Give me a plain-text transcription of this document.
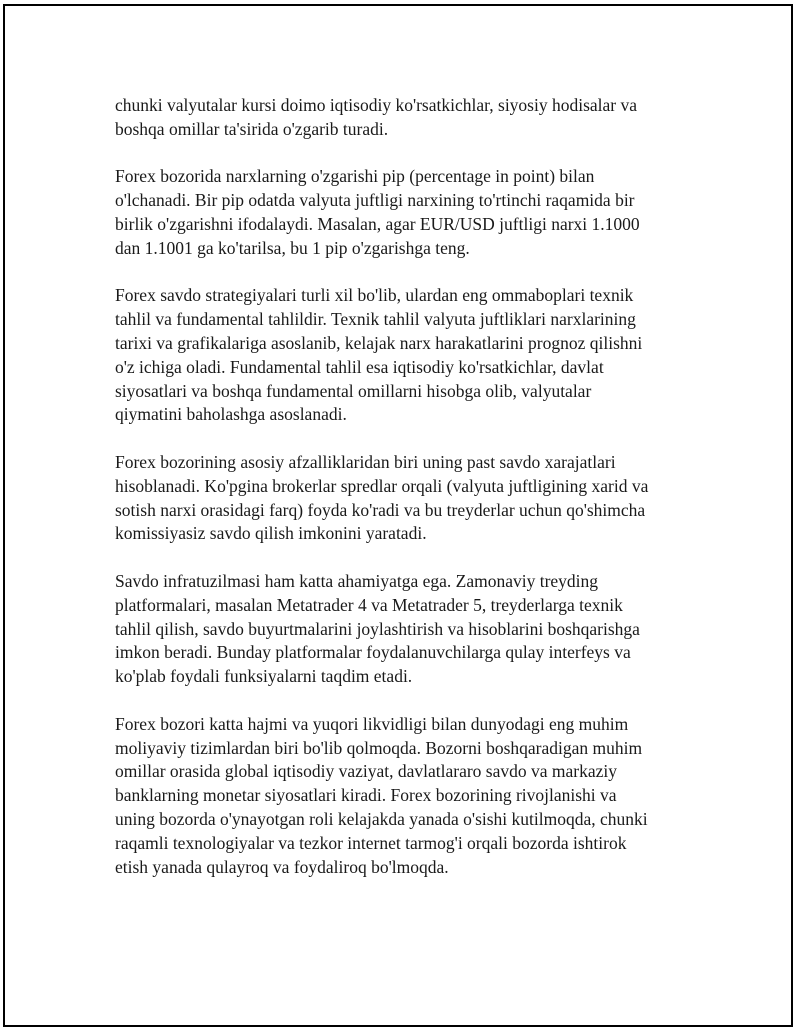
chunki valyutalar kursi doimo iqtisodiy ko'rsatkichlar, siyosiy hodisalar va
boshqa omillar ta'sirida o'zgarib turadi.

Forex bozorida narxlarning o'zgarishi pip (percentage in point) bilan
o'lchanadi. Bir pip odatda valyuta juftligi narxining to'rtinchi raqamida bir
birlik o'zgarishni ifodalaydi. Masalan, agar EUR/USD juftligi narxi 1.1000
dan 1.1001 ga ko'tarilsa, bu 1 pip o'zgarishga teng.

Forex savdo strategiyalari turli xil bo'lib, ulardan eng ommaboplari texnik
tahlil va fundamental tahlildir. Texnik tahlil valyuta juftliklari narxlarining
tarixi va grafikalariga asoslanib, kelajak narx harakatlarini prognoz qilishni
o'z ichiga oladi. Fundamental tahlil esa iqtisodiy ko'rsatkichlar, davlat
siyosatlari va boshqa fundamental omillarni hisobga olib, valyutalar
qiymatini baholashga asoslanadi.

Forex bozorining asosiy afzalliklaridan biri uning past savdo xarajatlari
hisoblanadi. Ko'pgina brokerlar spredlar orqali (valyuta juftligining xarid va
sotish narxi orasidagi farq) foyda ko'radi va bu treyderlar uchun qo'shimcha
komissiyasiz savdo qilish imkonini yaratadi.

Savdo infratuzilmasi ham katta ahamiyatga ega. Zamonaviy treyding
platformalari, masalan Metatrader 4 va Metatrader 5, treyderlarga texnik
tahlil qilish, savdo buyurtmalarini joylashtirish va hisoblarini boshqarishga
imkon beradi. Bunday platformalar foydalanuvchilarga qulay interfeys va
ko'plab foydali funksiyalarni taqdim etadi.

Forex bozori katta hajmi va yuqori likvidligi bilan dunyodagi eng muhim
moliyaviy tizimlardan biri bo'lib qolmoqda. Bozorni boshqaradigan muhim
omillar orasida global iqtisodiy vaziyat, davlatlararo savdo va markaziy
banklarning monetar siyosatlari kiradi. Forex bozorining rivojlanishi va
uning bozorda o'ynayotgan roli kelajakda yanada o'sishi kutilmoqda, chunki
raqamli texnologiyalar va tezkor internet tarmog'i orqali bozorda ishtirok
etish yanada qulayroq va foydaliroq bo'lmoqda.
